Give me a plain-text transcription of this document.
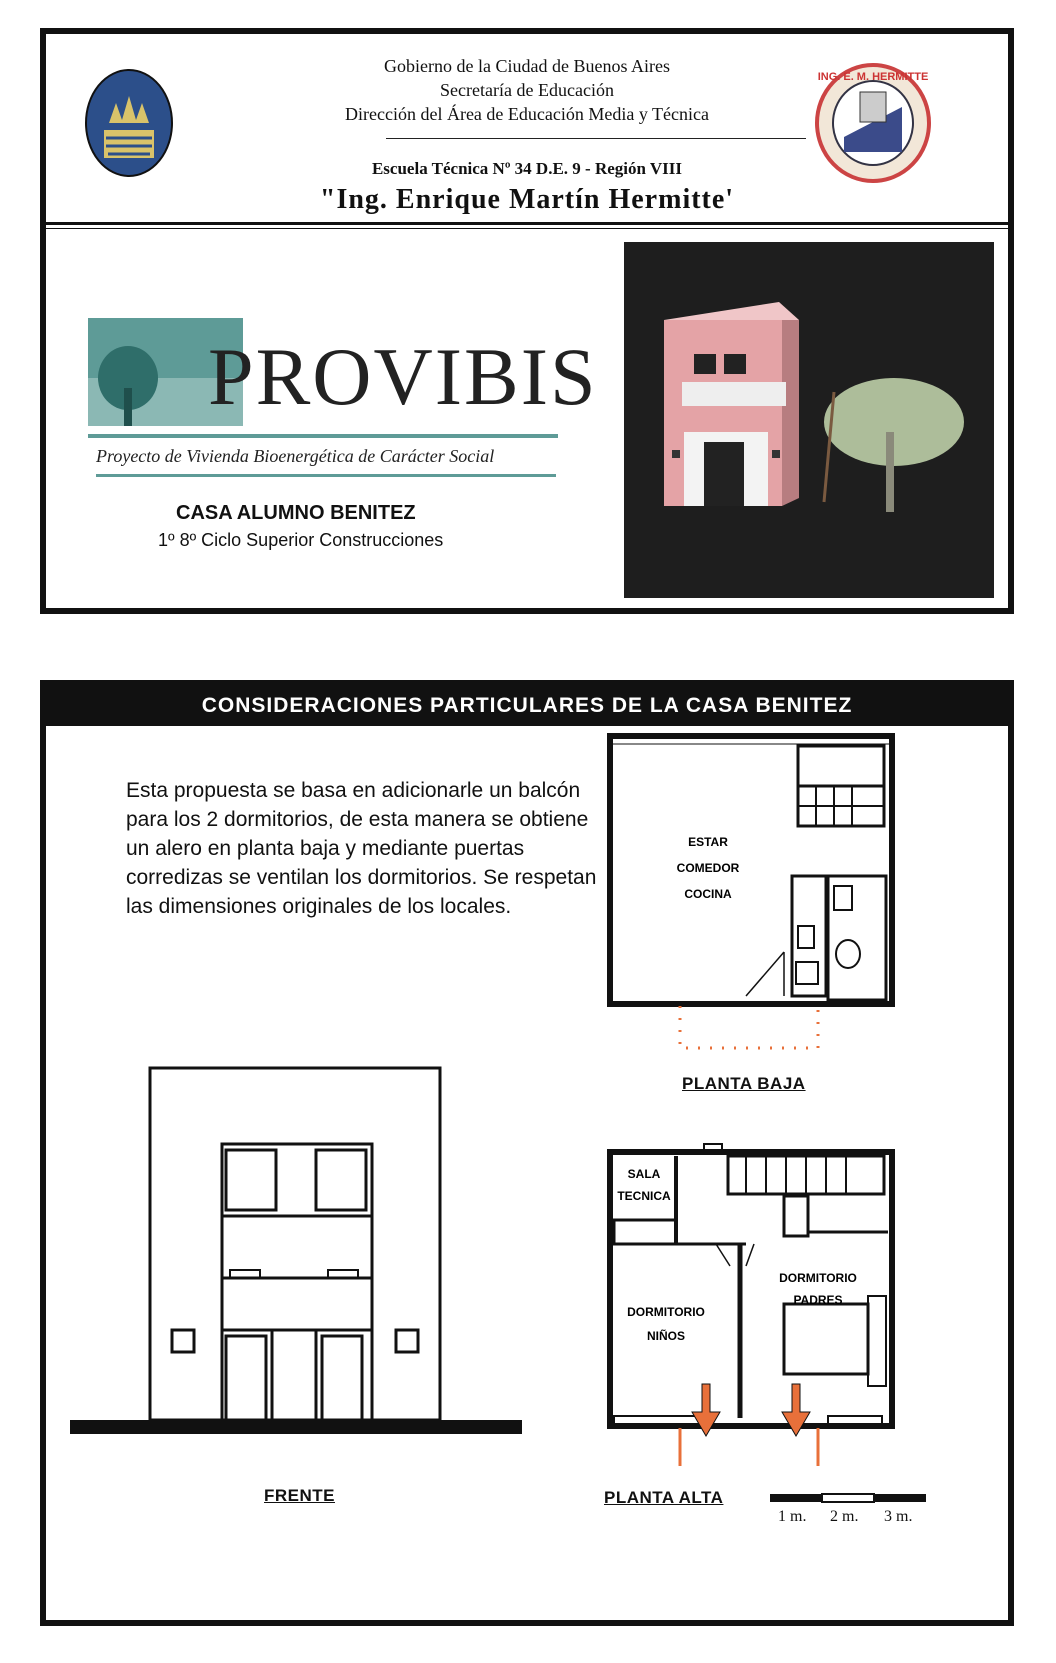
ING. E. M. HERMITTE
Gobierno de la Ciudad de Buenos Aires
Secretaría de Educación
Dirección del Área de Educación Media y Técnica
Escuela Técnica Nº 34 D.E. 9 - Región VIII
"Ing. Enrique Martín Hermitte'
PROVIBIS
Proyecto de Vivienda Bioenergética de Carácter Social
CASA ALUMNO BENITEZ
1º 8º Ciclo Superior Construcciones
CONSIDERACIONES PARTICULARES DE LA CASA BENITEZ
Esta propuesta se basa en adicionarle un balcón para los 2 dormitorios, de esta manera se obtiene un alero en planta baja y mediante puertas corredizas se ventilan los dormitorios. Se respetan las dimensiones originales de los locales.
ESTAR
COMEDOR
COCINA
PLANTA BAJA
FRENTE
SALA
TECNICA
DORMITORIO
NIÑOS
DORMITORIO
PADRES
PLANTA ALTA
1 m. 2 m. 3 m.
